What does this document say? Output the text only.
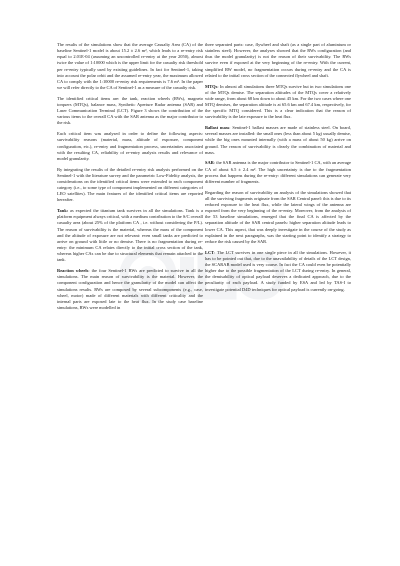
The results of the simulations show that the average Casualty Area (CA) of the baseline Sentinel-1 model is about 15.2 ± 2.6 m², which leads to a re-entry risk equal to 2.01E-04 (assuming an uncontrolled re-entry at the year 2050), almost twice the value of 1:10000 which is the upper limit for the casualty risk threshold per re-entry typically used by existing guidelines. In fact for Sentinel-1, taking into account the polar orbit and the assumed re-entry year, the maximum allowed CA to comply with the 1:10000 re-entry risk requirements is 7.6 m². In the paper we will refer directly to the CA of Sentinel-1 as a measure of the casualty risk.

The identified critical items are: the tank, reaction wheels (RWs), magneto torquers (MTQs), balance mass, Synthetic Aperture Radar antenna (SAR) and Laser Communication Terminal (LCT). Figure 3 shows the contribution of the various items to the overall CA with the SAR antenna as the major contributor to the risk.

Each critical item was analysed in order to define the following aspects: survivability reasons (material, mass, altitude of exposure, component configuration, etc.), re-entry and fragmentation process, uncertainties associated with the resulting CA, reliability of re-entry analysis results and relevance of model granularity.

By integrating the results of the detailed re-entry risk analysis performed on the Sentinel-1 with the literature survey and the parametric Low-Fidelity analysis, the considerations on the identified critical items were extended to each component category (i.e., to some type of component implemented on different categories of LEO satellites). The main features of the identified critical items are reported hereafter.

Tank: as expected the titanium tank survives in all the simulations. Tank is a platform equipment always critical, with a medium contribution to the S/C overall casualty area (about 25% of the platform CA , i.e. without considering the P/L). The reason of survivability is the material, whereas the mass of the component and the altitude of exposure are not relevant: even small tanks are predicted to arrive on ground with little or no demise. There is no fragmentation during re-entry: the minimum CA relates directly to the initial cross section of the tank, whereas higher CAs can be due to structural elements that remain attached to the tank.

Reaction wheels: the four Sentinel-1 RWs are predicted to survive in all the simulations. The main reason of survivability is the material. However, the component configuration and hence the granularity of the model can affect the simulations results. RWs are composed by several subcomponents (e.g., case, wheel, motor) made of different materials with different criticality and the internal parts are exposed late to the heat flux. In the study case baseline simulations, RWs were modelled in

three separated parts: case, flywheel and shaft (as a single part of aluminium or stainless steel). However, the analyses showed that the RWs configuration (and thus the model granularity) is not the reason of their survivability. The RWs survive even if exposed at the very beginning of the re-entry. With the current, simplified RW model, no fragmentation occurs during re-entry and the CA is related to the initial cross section of the connected flywheel and shaft.

MTQs: In almost all simulations three MTQs survive but in two simulations one of the MTQs demise. The separation altitudes of the MTQs cover a relatively wide range, from about 68 km down to about 45 km. For the two cases where one MTQ demises, the separation altitude is at 65.6 km and 67.4 km, respectively, for the specific MTQ considered. This is a clear indication that the reason of survivability is the late exposure to the heat flux.

Ballast mass: Sentinel-1 ballast masses are made of stainless steel. On board, several masses are installed: the small ones (less than about 5 kg) usually demise, while the big ones mounted internally (with a mass of about 50 kg) arrive on ground. The reason of survivability is clearly the combination of material and mass.

SAR: the SAR antenna is the major contributor to Sentinel-1 CA, with an average CA of about 6.5 ± 2.4 m². The high uncertainty is due to the fragmentation process that happens during the re-entry: different simulations can generate very different number of fragments.

Regarding the reason of survivability an analysis of the simulations showed that all the surviving fragments originate from the SAR Central panel: this is due to its reduced exposure to the heat flux, while the lateral wings of the antenna are exposed from the very beginning of the re-entry. Moreover, from the analysis of the 53 baseline simulations, emerged that the final CA is affected by the separation altitude of the SAR central panels: higher separation altitude leads to lower CA. This aspect, that was deeply investigate in the course of the study as explained in the next paragraphs, was the starting point to identify a strategy to reduce the risk caused by the SAR.

LCT: The LCT survives in one single piece in all the simulations. However, it has to be pointed out that, due to the unavailability of details of the LCT design, the SCARAB model used is very coarse. In fact the CA could even be potentially higher due to the possible fragmentation of the LCT during re-entry. In general, the demisability of optical payload deserves a dedicated approach, due to the peculiarity of each payload. A study funded by ESA and led by TAS-I to investigate potential D4D techniques for optical payload is currently on-going.
